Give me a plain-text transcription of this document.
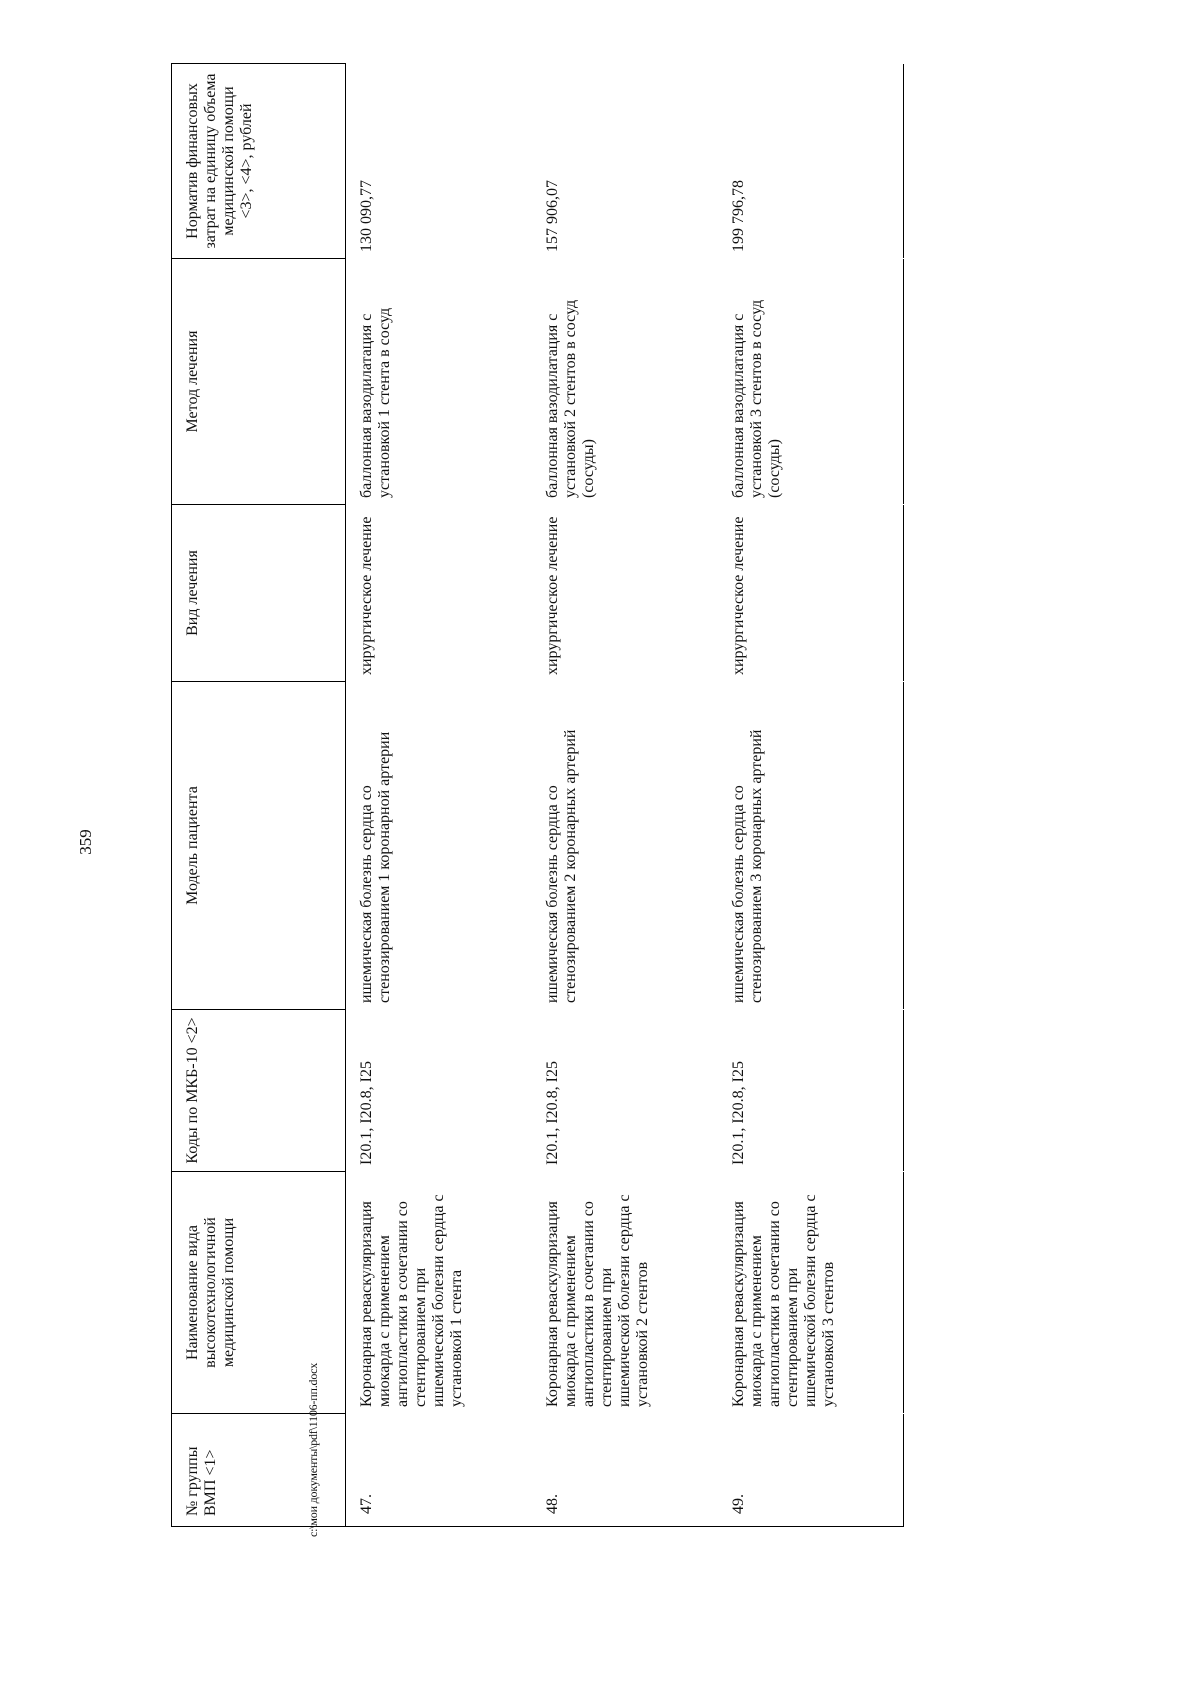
359
№ группы ВМП <1>	Наименование вида высокотехнологичной медицинской помощи	Коды по МКБ-10 <2>	Модель пациента	Вид лечения	Метод лечения	Норматив финансовых затрат на единицу объема медицинской помощи <3>, <4>, рублей
47.	Коронарная реваскуляризация миокарда с применением ангиопластики в сочетании со стентированием при ишемической болезни сердца с установкой 1 стента	I20.1, I20.8, I25	ишемическая болезнь сердца со стенозированием 1 коронарной артерии	хирургическое лечение	баллонная вазодилатация с установкой 1 стента в сосуд	130 090,77
48.	Коронарная реваскуляризация миокарда с применением ангиопластики в сочетании со стентированием при ишемической болезни сердца с установкой 2 стентов	I20.1, I20.8, I25	ишемическая болезнь сердца со стенозированием 2 коронарных артерий	хирургическое лечение	баллонная вазодилатация с установкой 2 стентов в сосуд (сосуды)	157 906,07
49.	Коронарная реваскуляризация миокарда с применением ангиопластики в сочетании со стентированием при ишемической болезни сердца с установкой 3 стентов	I20.1, I20.8, I25	ишемическая болезнь сердца со стенозированием 3 коронарных артерий	хирургическое лечение	баллонная вазодилатация с установкой 3 стентов в сосуд (сосуды)	199 796,78
c:\мои документы\pdf\1106-пп.docx
